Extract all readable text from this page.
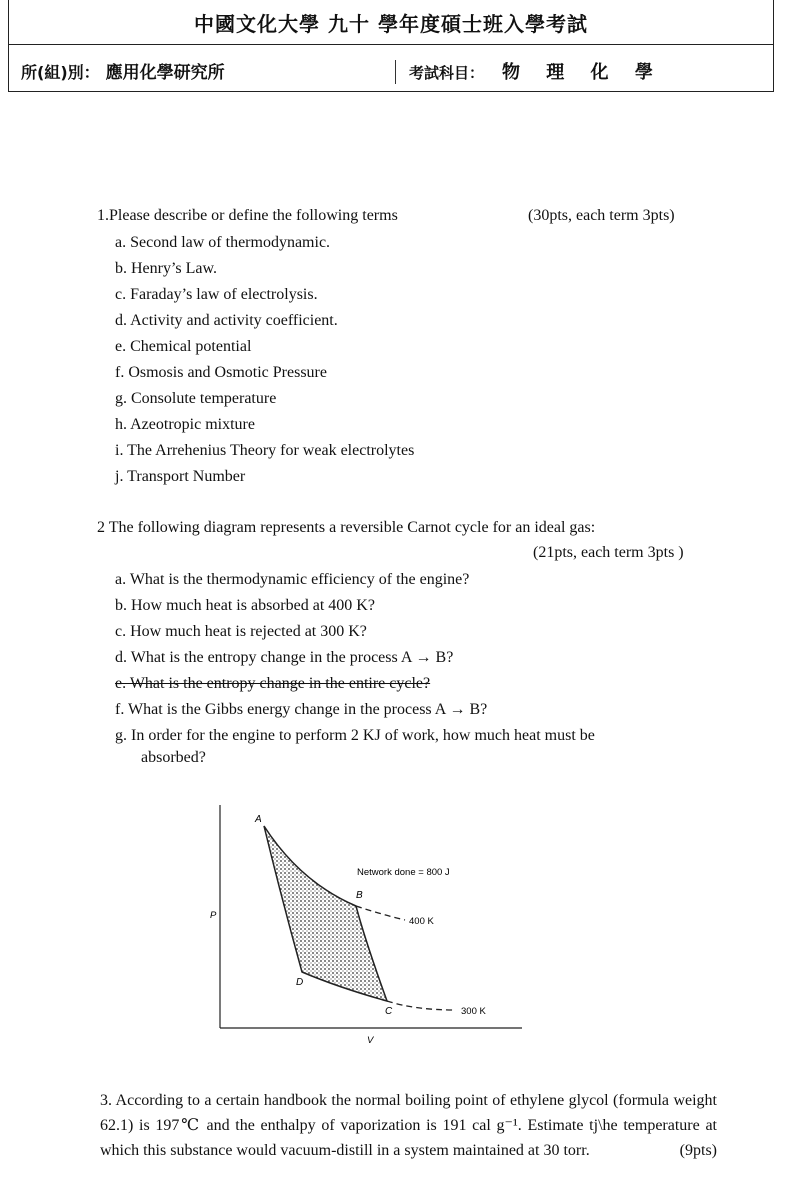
中國文化大學 九十 學年度碩士班入學考試
所(組)別： 應用化學研究所	考試科目： 物 理 化 學
1.Please describe or define the following terms	(30pts, each term 3pts)
a. Second law of thermodynamic.
b. Henry’s Law.
c. Faraday’s law of electrolysis.
d. Activity and activity coefficient.
e. Chemical potential
f. Osmosis and Osmotic Pressure
g. Consolute temperature
h. Azeotropic mixture
i. The Arrehenius Theory for weak electrolytes
j. Transport Number
2 The following diagram represents a reversible Carnot cycle for an ideal gas:
(21pts, each term 3pts )
a. What is the thermodynamic efficiency of the engine?
b. How much heat is absorbed at 400 K?
c. How much heat is rejected at 300 K?
d. What is the entropy change in the process A → B?
e. What is the entropy change in the entire cycle?
f. What is the Gibbs energy change in the process A → B?
g. In order for the engine to perform 2 KJ of work, how much heat must be
absorbed?
A
B
C
D
Network done = 800 J
400 K
300 K
P
V
3. According to a certain handbook the normal boiling point of ethylene glycol (formula weight 62.1) is 197℃ and the enthalpy of vaporization is 191 cal g⁻¹. Estimate tj\he temperature at which this substance would vacuum-distill in a system maintained at 30 torr.	(9pts)
